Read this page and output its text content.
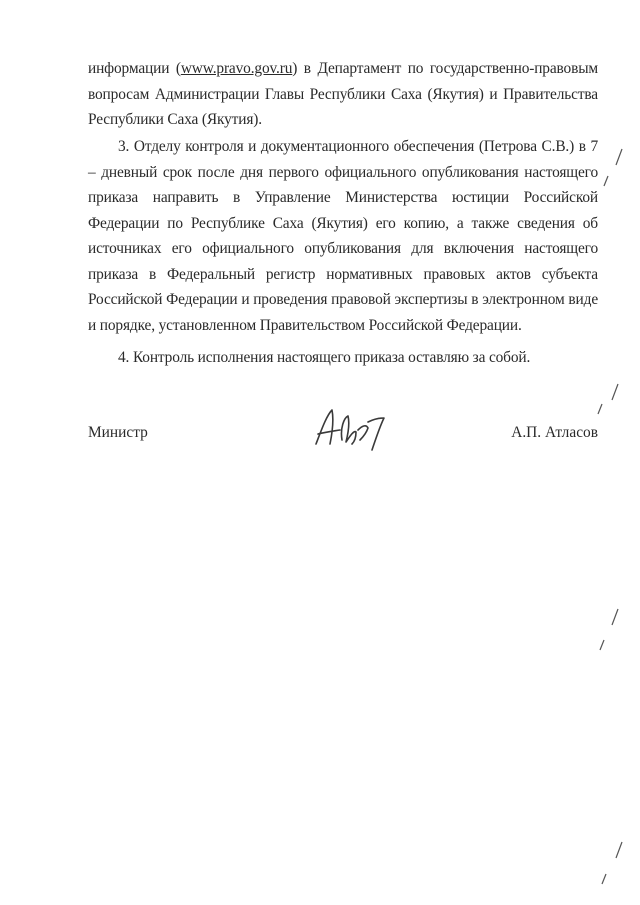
информации (www.pravo.gov.ru) в Департамент по государственно-правовым вопросам Администрации Главы Республики Саха (Якутия) и Правительства Республики Саха (Якутия).

3. Отделу контроля и документационного обеспечения (Петрова С.В.) в 7 – дневный срок после дня первого официального опубликования настоящего приказа направить в Управление Министерства юстиции Российской Федерации по Республике Саха (Якутия) его копию, а также сведения об источниках его официального опубликования для включения настоящего приказа в Федеральный регистр нормативных правовых актов субъекта Российской Федерации и проведения правовой экспертизы в электронном виде и порядке, установленном Правительством Российской Федерации.

4. Контроль исполнения настоящего приказа оставляю за собой.

Министр	А.П. Атласов
